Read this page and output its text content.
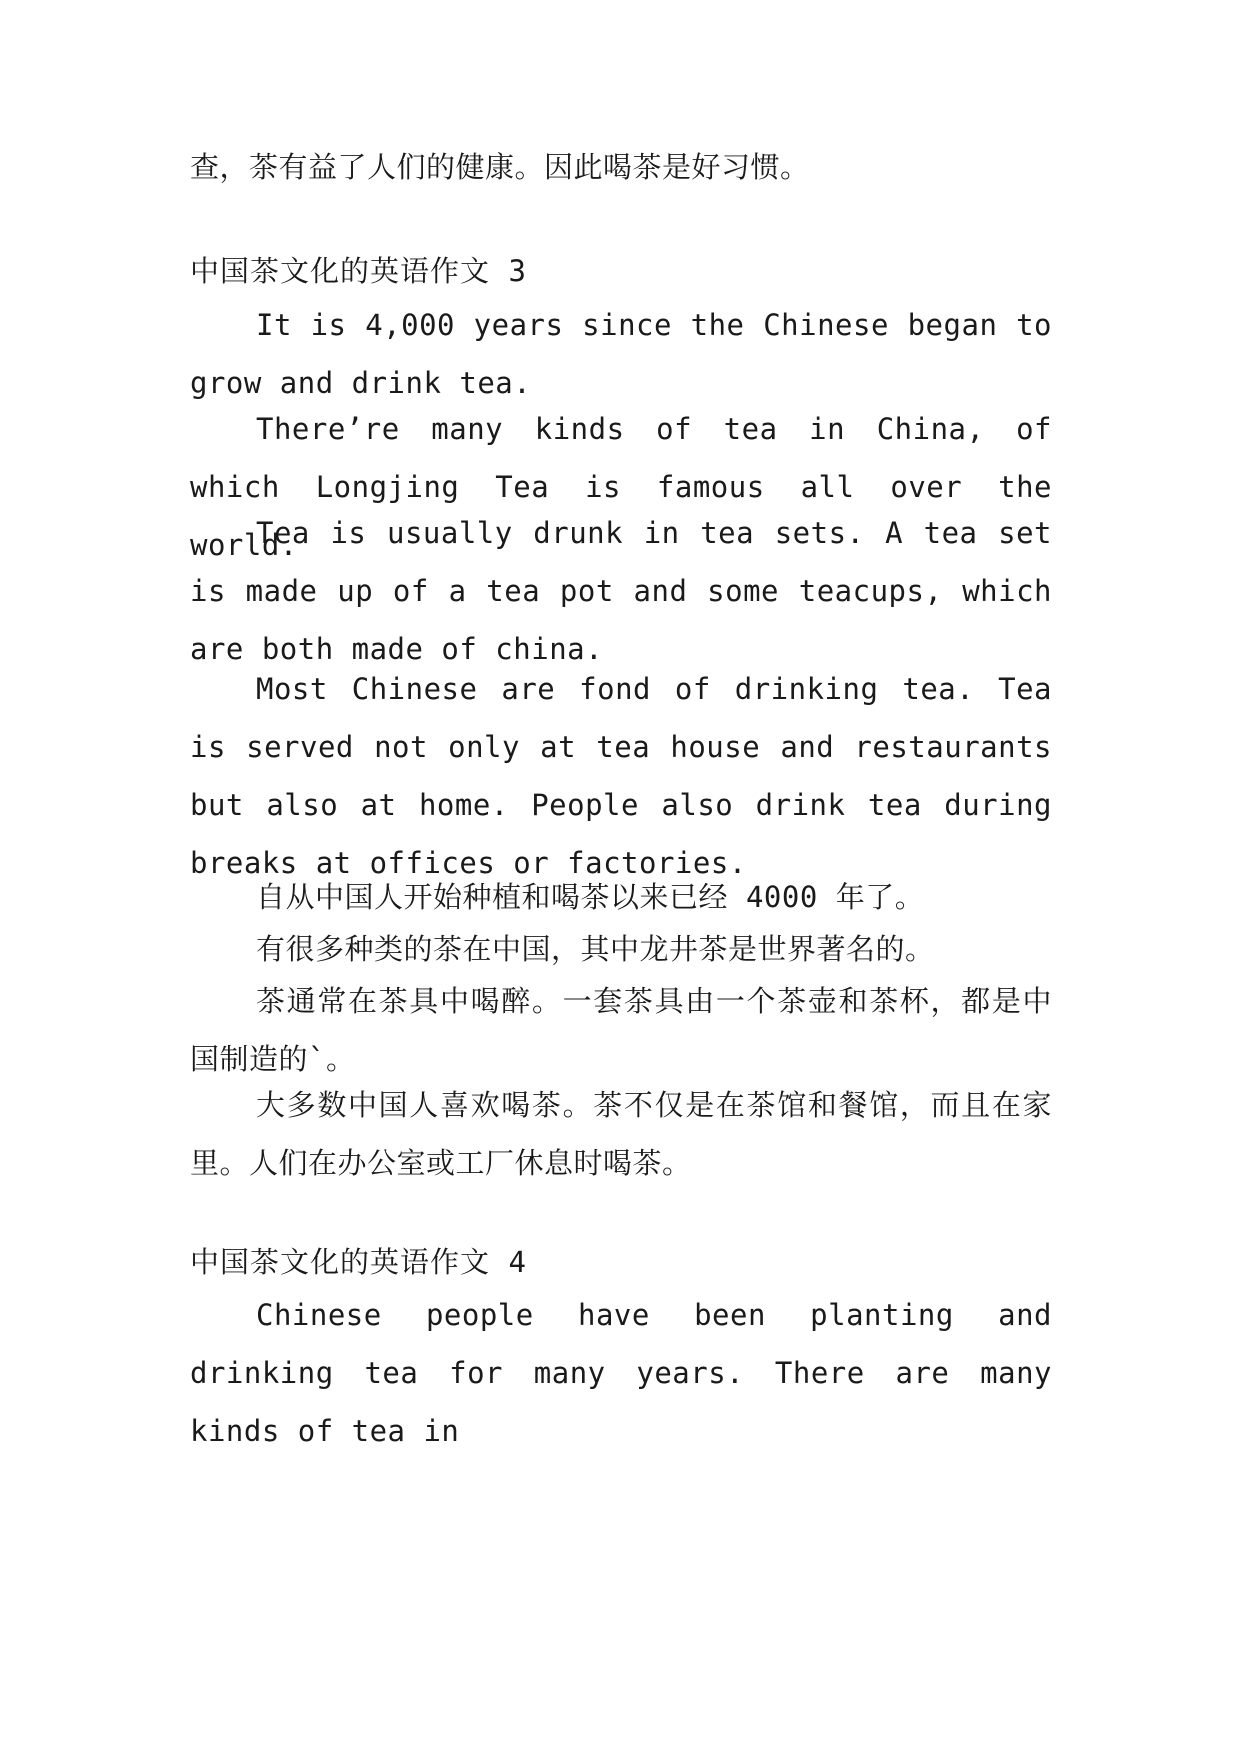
查，茶有益了人们的健康。因此喝茶是好习惯。

中国茶文化的英语作文 3

It is 4,000 years since the Chinese began to grow and drink tea.

There’re many kinds of tea in China, of which Longjing Tea is famous all over the world.

Tea is usually drunk in tea sets. A tea set is made up of a tea pot and some teacups, which are both made of china.

Most Chinese are fond of drinking tea. Tea is served not only at tea house and restaurants but also at home. People also drink tea during breaks at offices or factories.

自从中国人开始种植和喝茶以来已经 4000 年了。

有很多种类的茶在中国，其中龙井茶是世界著名的。

茶通常在茶具中喝醉。一套茶具由一个茶壶和茶杯，都是中国制造的`。

大多数中国人喜欢喝茶。茶不仅是在茶馆和餐馆，而且在家里。人们在办公室或工厂休息时喝茶。

中国茶文化的英语作文 4

Chinese people have been planting and drinking tea for many years. There are many kinds of tea in
